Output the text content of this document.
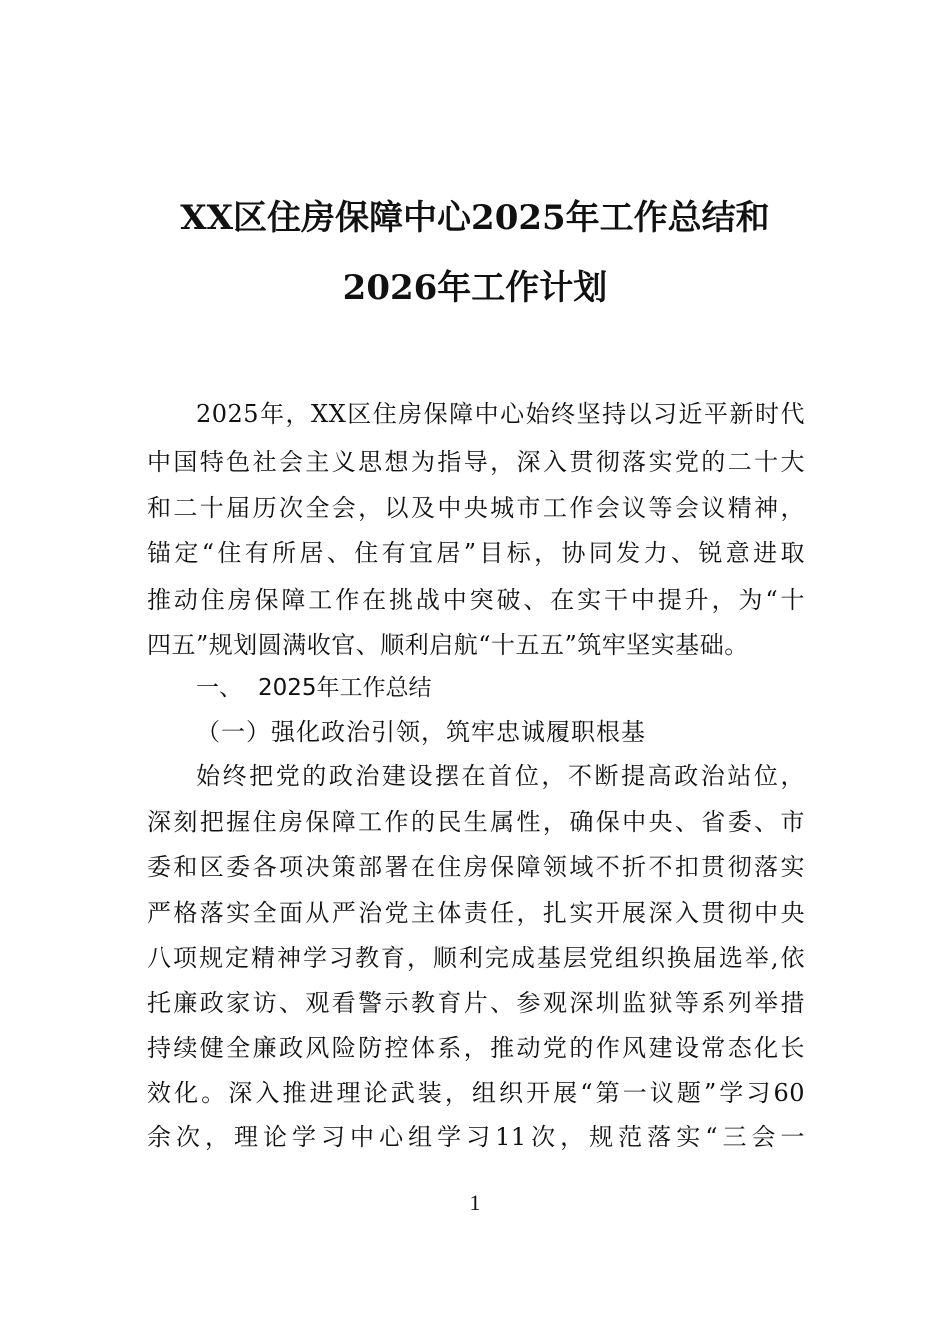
XX区住房保障中心2025年工作总结和
2026年工作计划
2025年，XX区住房保障中心始终坚持以习近平新时代
中国特色社会主义思想为指导，深入贯彻落实党的二十大
和二十届历次全会，以及中央城市工作会议等会议精神，
锚定“住有所居、住有宜居”目标，协同发力、锐意进取
推动住房保障工作在挑战中突破、在实干中提升，为“十
四五”规划圆满收官、顺利启航“十五五”筑牢坚实基础。
一、 2025年工作总结
（一）强化政治引领，筑牢忠诚履职根基
始终把党的政治建设摆在首位，不断提高政治站位，
深刻把握住房保障工作的民生属性，确保中央、省委、市
委和区委各项决策部署在住房保障领域不折不扣贯彻落实
严格落实全面从严治党主体责任，扎实开展深入贯彻中央
八项规定精神学习教育，顺利完成基层党组织换届选举,依
托廉政家访、观看警示教育片、参观深圳监狱等系列举措
持续健全廉政风险防控体系，推动党的作风建设常态化长
效化。深入推进理论武装，组织开展“第一议题”学习60
余次，理论学习中心组学习11次，规范落实“三会一
1
